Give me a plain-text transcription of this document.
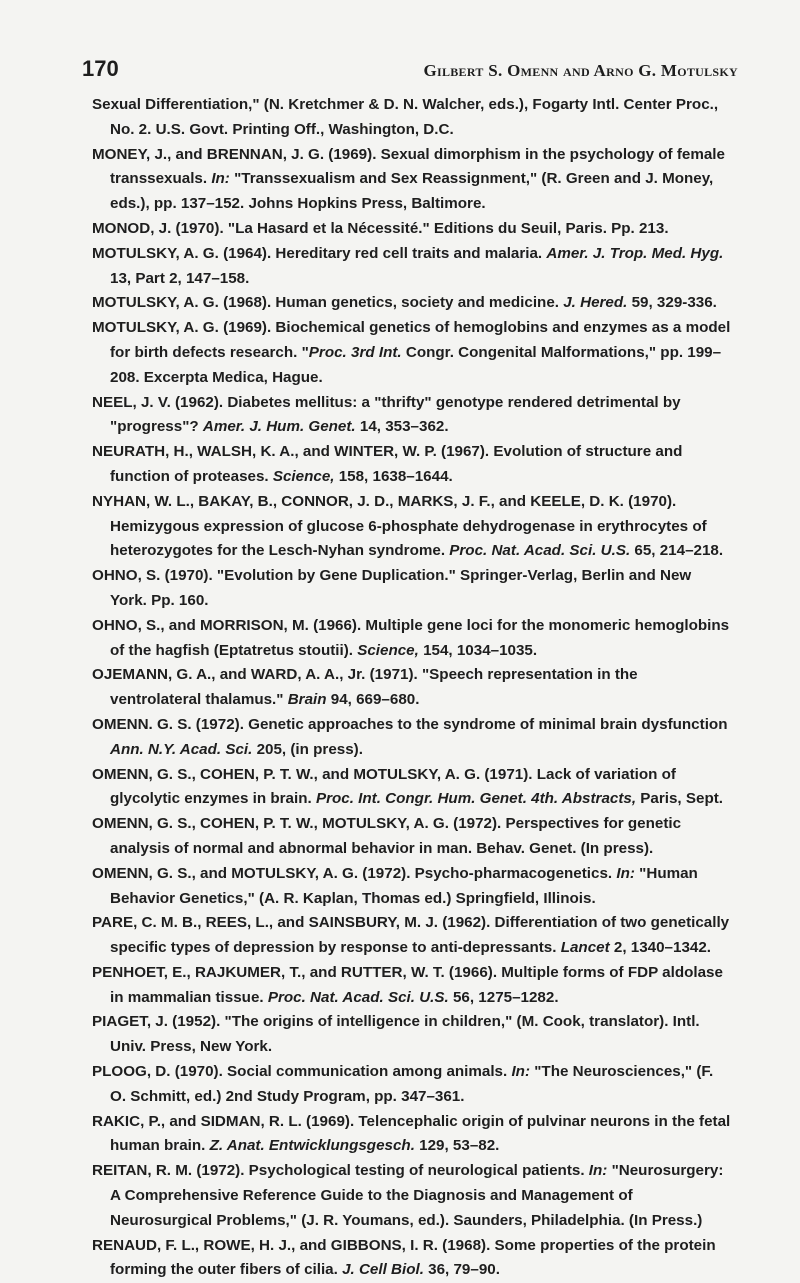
170	Gilbert S. Omenn and Arno G. Motulsky

Sexual Differentiation," (N. Kretchmer & D. N. Walcher, eds.), Fogarty Intl. Center Proc., No. 2. U.S. Govt. Printing Off., Washington, D.C.

MONEY, J., and BRENNAN, J. G. (1969). Sexual dimorphism in the psychology of female transsexuals. In: "Transsexualism and Sex Reassignment," (R. Green and J. Money, eds.), pp. 137–152. Johns Hopkins Press, Baltimore.

MONOD, J. (1970). "La Hasard et la Nécessité." Editions du Seuil, Paris. Pp. 213.

MOTULSKY, A. G. (1964). Hereditary red cell traits and malaria. Amer. J. Trop. Med. Hyg. 13, Part 2, 147–158.

MOTULSKY, A. G. (1968). Human genetics, society and medicine. J. Hered. 59, 329-336.

MOTULSKY, A. G. (1969). Biochemical genetics of hemoglobins and enzymes as a model for birth defects research. "Proc. 3rd Int. Congr. Congenital Malformations," pp. 199–208. Excerpta Medica, Hague.

NEEL, J. V. (1962). Diabetes mellitus: a "thrifty" genotype rendered detrimental by "progress"? Amer. J. Hum. Genet. 14, 353–362.

NEURATH, H., WALSH, K. A., and WINTER, W. P. (1967). Evolution of structure and function of proteases. Science, 158, 1638–1644.

NYHAN, W. L., BAKAY, B., CONNOR, J. D., MARKS, J. F., and KEELE, D. K. (1970). Hemizygous expression of glucose 6-phosphate dehydrogenase in erythrocytes of heterozygotes for the Lesch-Nyhan syndrome. Proc. Nat. Acad. Sci. U.S. 65, 214–218.

OHNO, S. (1970). "Evolution by Gene Duplication." Springer-Verlag, Berlin and New York. Pp. 160.

OHNO, S., and MORRISON, M. (1966). Multiple gene loci for the monomeric hemoglobins of the hagfish (Eptatretus stoutii). Science, 154, 1034–1035.

OJEMANN, G. A., and WARD, A. A., Jr. (1971). "Speech representation in the ventrolateral thalamus." Brain 94, 669–680.

OMENN. G. S. (1972). Genetic approaches to the syndrome of minimal brain dysfunction Ann. N.Y. Acad. Sci. 205, (in press).

OMENN, G. S., COHEN, P. T. W., and MOTULSKY, A. G. (1971). Lack of variation of glycolytic enzymes in brain. Proc. Int. Congr. Hum. Genet. 4th. Abstracts, Paris, Sept.

OMENN, G. S., COHEN, P. T. W., MOTULSKY, A. G. (1972). Perspectives for genetic analysis of normal and abnormal behavior in man. Behav. Genet. (In press).

OMENN, G. S., and MOTULSKY, A. G. (1972). Psycho-pharmacogenetics. In: "Human Behavior Genetics," (A. R. Kaplan, Thomas ed.) Springfield, Illinois.

PARE, C. M. B., REES, L., and SAINSBURY, M. J. (1962). Differentiation of two genetically specific types of depression by response to anti-depressants. Lancet 2, 1340–1342.

PENHOET, E., RAJKUMER, T., and RUTTER, W. T. (1966). Multiple forms of FDP aldolase in mammalian tissue. Proc. Nat. Acad. Sci. U.S. 56, 1275–1282.

PIAGET, J. (1952). "The origins of intelligence in children," (M. Cook, translator). Intl. Univ. Press, New York.

PLOOG, D. (1970). Social communication among animals. In: "The Neurosciences," (F. O. Schmitt, ed.) 2nd Study Program, pp. 347–361.

RAKIC, P., and SIDMAN, R. L. (1969). Telencephalic origin of pulvinar neurons in the fetal human brain. Z. Anat. Entwicklungsgesch. 129, 53–82.

REITAN, R. M. (1972). Psychological testing of neurological patients. In: "Neurosurgery: A Comprehensive Reference Guide to the Diagnosis and Management of Neurosurgical Problems," (J. R. Youmans, ed.). Saunders, Philadelphia. (In Press.)

RENAUD, F. L., ROWE, H. J., and GIBBONS, I. R. (1968). Some properties of the protein forming the outer fibers of cilia. J. Cell Biol. 36, 79–90.
